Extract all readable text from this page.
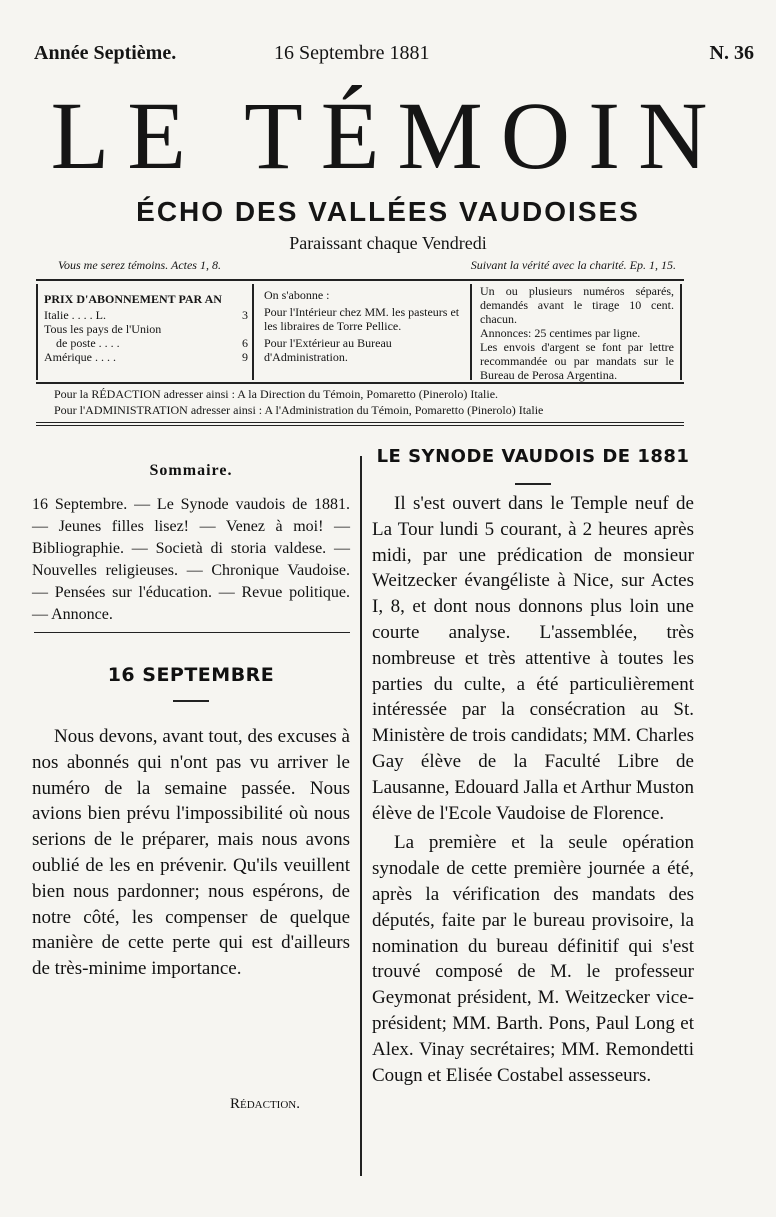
Année Septième.	16 Septembre 1881	N. 36
LE TÉMOIN
ÉCHO DES VALLÉES VAUDOISES
Paraissant chaque Vendredi
Vous me serez témoins. Actes 1, 8.	Suivant la vérité avec la charité. Ep. 1, 15.
PRIX D'ABONNEMENT PAR AN
Italie . . . . L.	3
Tous les pays de l'Union
de poste . . . .	6
Amérique . . . .	9
On s'abonne :
Pour l'Intérieur chez MM. les pasteurs et les libraires de Torre Pellice.
Pour l'Extérieur au Bureau d'Administration.
Un ou plusieurs numéros séparés, demandés avant le tirage 10 cent. chacun.
Annonces: 25 centimes par ligne.
Les envois d'argent se font par lettre recommandée ou par mandats sur le Bureau de Perosa Argentina.
Pour la RÉDACTION adresser ainsi : A la Direction du Témoin, Pomaretto (Pinerolo) Italie.
Pour l'ADMINISTRATION adresser ainsi : A l'Administration du Témoin, Pomaretto (Pinerolo) Italie
Sommaire.
16 Septembre. — Le Synode vaudois de 1881. — Jeunes filles lisez! — Venez à moi! — Bibliographie. — Società di storia valdese. — Nouvelles religieuses. — Chronique Vaudoise. — Pensées sur l'éducation. — Revue politique. — Annonce.
16 SEPTEMBRE

Nous devons, avant tout, des excuses à nos abonnés qui n'ont pas vu arriver le numéro de la semaine passée. Nous avions bien prévu l'impossibilité où nous serions de le préparer, mais nous avons oublié de les en prévenir. Qu'ils veuillent bien nous pardonner; nous espérons, de notre côté, les compenser de quelque manière de cette perte qui est d'ailleurs de très-minime importance.

Rédaction.
LE SYNODE VAUDOIS DE 1881

Il s'est ouvert dans le Temple neuf de La Tour lundi 5 courant, à 2 heures après midi, par une prédication de monsieur Weitzecker évangéliste à Nice, sur Actes I, 8, et dont nous donnons plus loin une courte analyse. L'assemblée, très nombreuse et très attentive à toutes les parties du culte, a été particulièrement intéressée par la consécration au St. Ministère de trois candidats; MM. Charles Gay élève de la Faculté Libre de Lausanne, Edouard Jalla et Arthur Muston élève de l'Ecole Vaudoise de Florence.

La première et la seule opération synodale de cette première journée a été, après la vérification des mandats des députés, faite par le bureau provisoire, la nomination du bureau définitif qui s'est trouvé composé de M. le professeur Geymonat président, M. Weitzecker vice-président; MM. Barth. Pons, Paul Long et Alex. Vinay secrétaires; MM. Remondetti Cougn et Elisée Costabel assesseurs.
